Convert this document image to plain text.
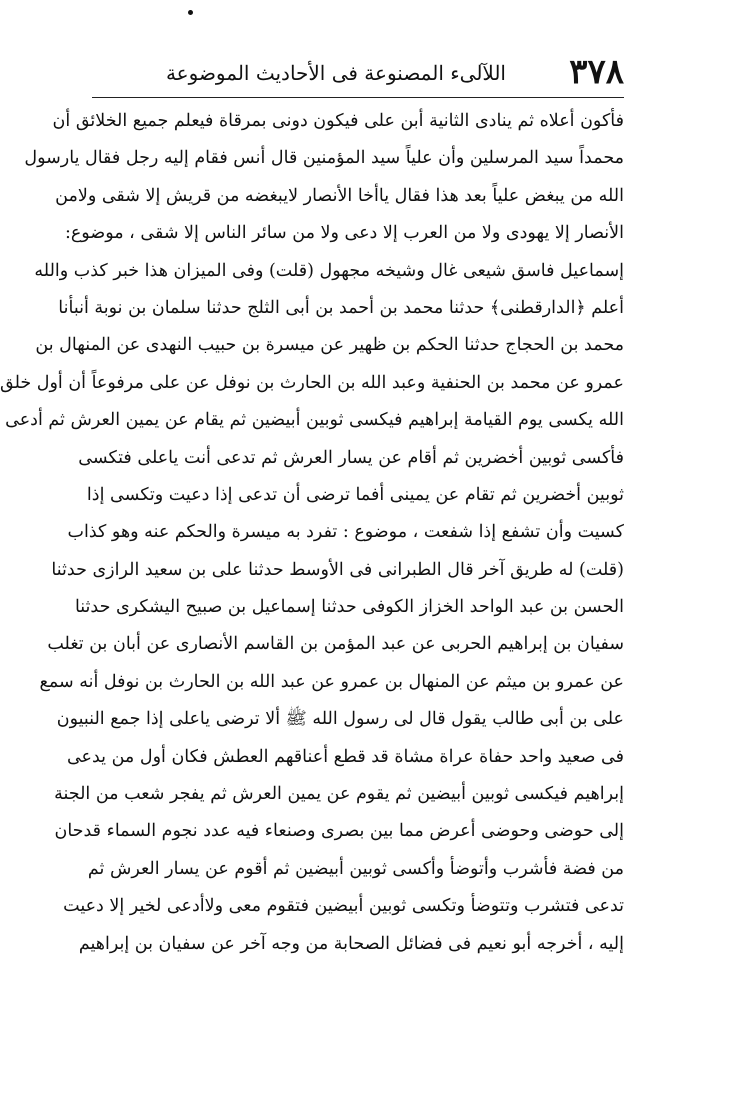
٣٧٨
اللآلىء المصنوعة فى الأحاديث الموضوعة
فأكون أعلاه ثم ينادى الثانية أبن على فيكون دونى بمرقاة فيعلم جميع الخلائق أن
محمداً سيد المرسلين وأن علياً سيد المؤمنين قال أنس فقام إليه رجل فقال يارسول
الله من يبغض علياً بعد هذا فقال ياأخا الأنصار لايبغضه من قريش إلا شقى ولامن
الأنصار إلا يهودى ولا من العرب إلا دعى ولا من سائر الناس إلا شقى ، موضوع:
إسماعيل فاسق شيعى غال وشيخه مجهول (قلت) وفى الميزان هذا خبر كذب والله
أعلم ﴿الدارقطنى﴾ حدثنا محمد بن أحمد بن أبى الثلج حدثنا سلمان بن نوبة أنبأنا
محمد بن الحجاج حدثنا الحكم بن ظهير عن ميسرة بن حبيب النهدى عن المنهال بن
عمرو عن محمد بن الحنفية وعبد الله بن الحارث بن نوفل عن على مرفوعاً أن أول خلق
الله يكسى يوم القيامة إبراهيم فيكسى ثوبين أبيضين ثم يقام عن يمين العرش ثم أدعى
فأكسى ثوبين أخضرين ثم أقام عن يسار العرش ثم تدعى أنت ياعلى فتكسى
ثوبين أخضرين ثم تقام عن يمينى أفما ترضى أن تدعى إذا دعيت وتكسى إذا
كسيت وأن تشفع إذا شفعت ، موضوع : تفرد به ميسرة والحكم عنه وهو كذاب
(قلت) له طريق آخر قال الطبرانى فى الأوسط حدثنا على بن سعيد الرازى حدثنا
الحسن بن عبد الواحد الخزاز الكوفى حدثنا إسماعيل بن صبيح اليشكرى حدثنا
سفيان بن إبراهيم الحربى عن عبد المؤمن بن القاسم الأنصارى عن أبان بن تغلب
عن عمرو بن ميثم عن المنهال بن عمرو عن عبد الله بن الحارث بن نوفل أنه سمع
على بن أبى طالب يقول قال لى رسول الله ﷺ ألا ترضى ياعلى إذا جمع النبيون
فى صعيد واحد حفاة عراة مشاة قد قطع أعناقهم العطش فكان أول من يدعى
إبراهيم فيكسى ثوبين أبيضين ثم يقوم عن يمين العرش ثم يفجر شعب من الجنة
إلى حوضى وحوضى أعرض مما بين بصرى وصنعاء فيه عدد نجوم السماء قدحان
من فضة فأشرب وأتوضأ وأكسى ثوبين أبيضين ثم أقوم عن يسار العرش ثم
تدعى فتشرب وتتوضأ وتكسى ثوبين أبيضين فتقوم معى ولاأدعى لخير إلا دعيت
إليه ، أخرجه أبو نعيم فى فضائل الصحابة من وجه آخر عن سفيان بن إبراهيم
